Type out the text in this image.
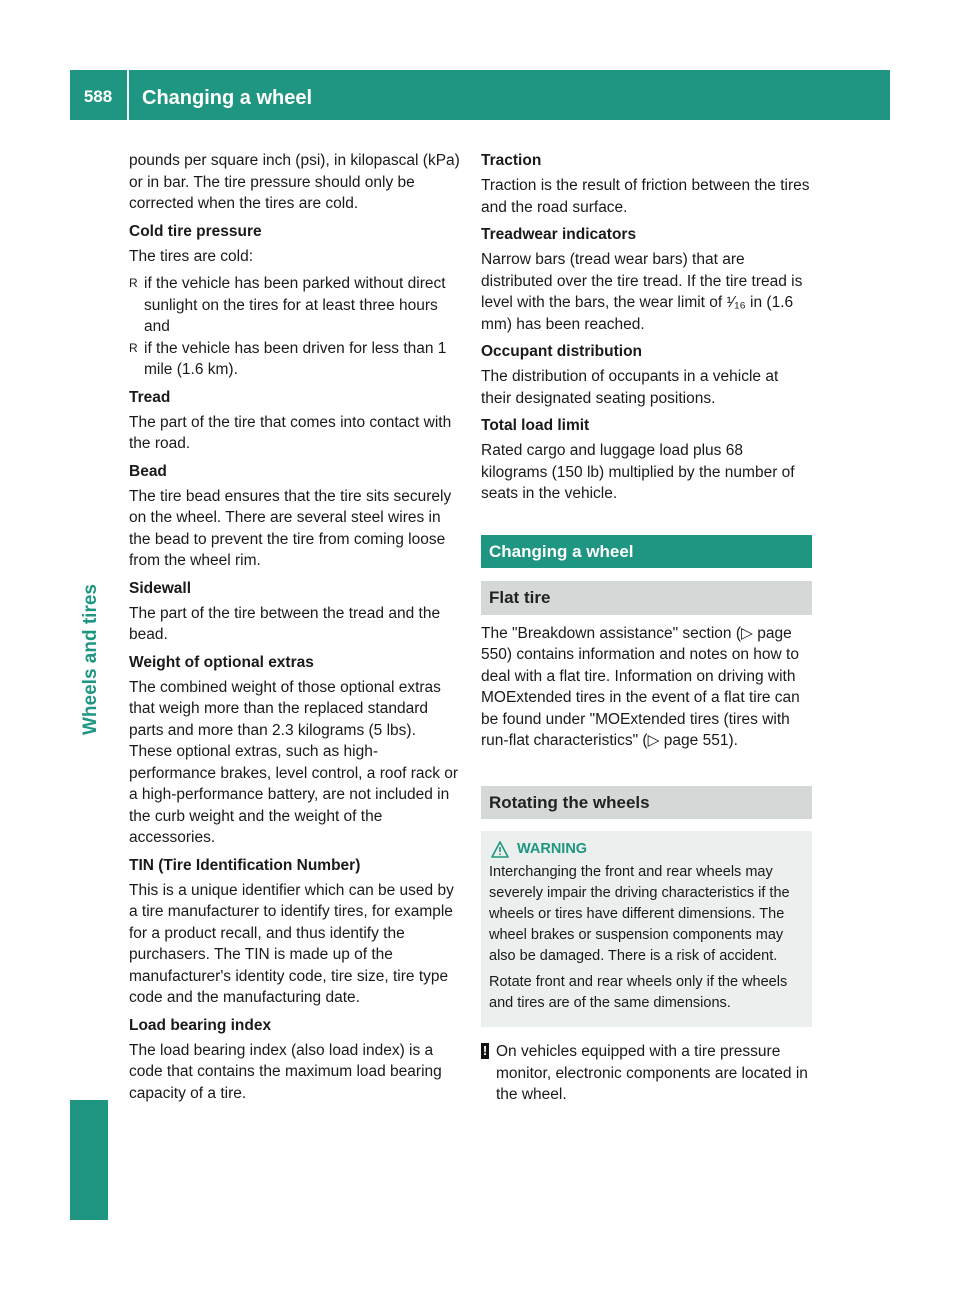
588	Changing a wheel
Wheels and tires

pounds per square inch (psi), in kilopascal (kPa) or in bar. The tire pressure should only be corrected when the tires are cold.

Cold tire pressure

The tires are cold:

R if the vehicle has been parked without direct sunlight on the tires for at least three hours and
R if the vehicle has been driven for less than 1 mile (1.6 km).
Tread

The part of the tire that comes into contact with the road.

Bead

The tire bead ensures that the tire sits securely on the wheel. There are several steel wires in the bead to prevent the tire from coming loose from the wheel rim.

Sidewall

The part of the tire between the tread and the bead.

Weight of optional extras

The combined weight of those optional extras that weigh more than the replaced standard parts and more than 2.3 kilograms (5 lbs). These optional extras, such as high-performance brakes, level control, a roof rack or a high-performance battery, are not included in the curb weight and the weight of the accessories.

TIN (Tire Identification Number)

This is a unique identifier which can be used by a tire manufacturer to identify tires, for example for a product recall, and thus identify the purchasers. The TIN is made up of the manufacturer's identity code, tire size, tire type code and the manufacturing date.

Load bearing index

The load bearing index (also load index) is a code that contains the maximum load bearing capacity of a tire.

Traction

Traction is the result of friction between the tires and the road surface.

Treadwear indicators

Narrow bars (tread wear bars) that are distributed over the tire tread. If the tire tread is level with the bars, the wear limit of ¹⁄₁₆ in (1.6 mm) has been reached.

Occupant distribution

The distribution of occupants in a vehicle at their designated seating positions.

Total load limit

Rated cargo and luggage load plus 68 kilograms (150 lb) multiplied by the number of seats in the vehicle.

Changing a wheel
Flat tire

The "Breakdown assistance" section (▷ page 550) contains information and notes on how to deal with a flat tire. Information on driving with MOExtended tires in the event of a flat tire can be found under "MOExtended tires (tires with run-flat characteristics" (▷ page 551).

Rotating the wheels
WARNING

Interchanging the front and rear wheels may severely impair the driving characteristics if the wheels or tires have different dimensions. The wheel brakes or suspension components may also be damaged. There is a risk of accident.

Rotate front and rear wheels only if the wheels and tires are of the same dimensions.

! On vehicles equipped with a tire pressure monitor, electronic components are located in the wheel.
